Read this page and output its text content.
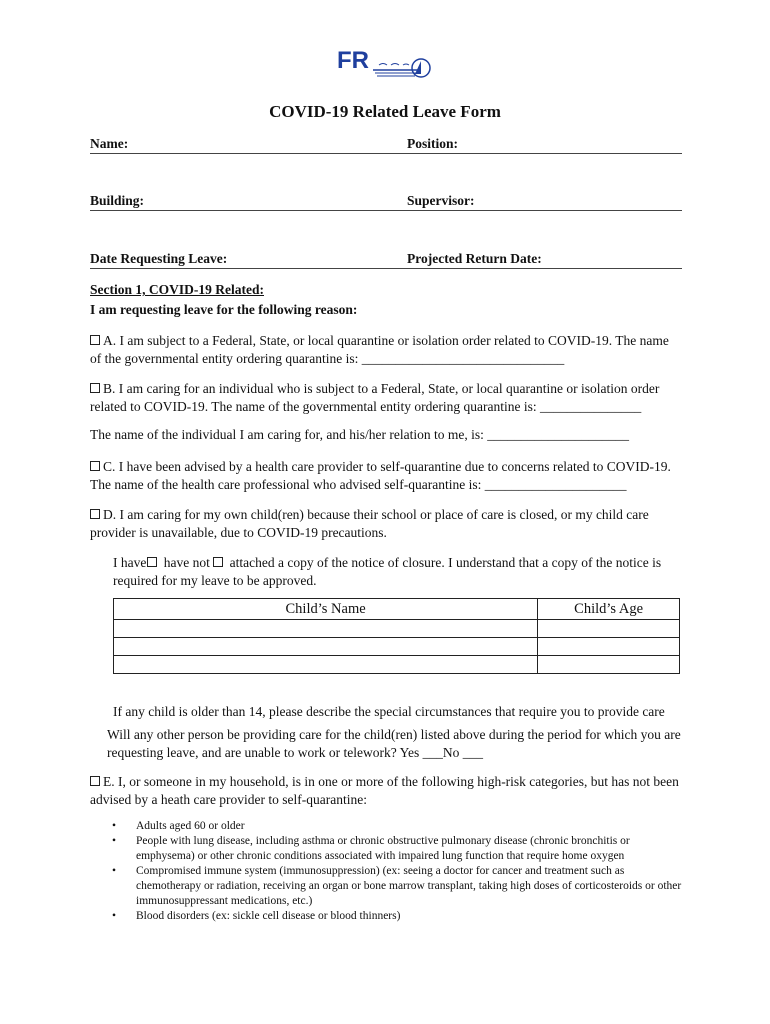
FR
COVID-19 Related Leave Form
Name:	Position:
Building:	Supervisor:
Date Requesting Leave:	Projected Return Date:

Section 1, COVID-19 Related:

I am requesting leave for the following reason:

A. I am subject to a Federal, State, or local quarantine or isolation order related to COVID-19. The name of the governmental entity ordering quarantine is: ______________________________

B. I am caring for an individual who is subject to a Federal, State, or local quarantine or isolation order related to COVID-19. The name of the governmental entity ordering quarantine is: _______________

The name of the individual I am caring for, and his/her relation to me, is: _____________________

C. I have been advised by a health care provider to self-quarantine due to concerns related to COVID-19. The name of the health care professional who advised self-quarantine is: _____________________

D. I am caring for my own child(ren) because their school or place of care is closed, or my child care provider is unavailable, due to COVID-19 precautions.

I have have not attached a copy of the notice of closure. I understand that a copy of the notice is required for my leave to be approved.

Child’s Name	Child’s Age

If any child is older than 14, please describe the special circumstances that require you to provide care

Will any other person be providing care for the child(ren) listed above during the period for which you are requesting leave, and are unable to work or telework? Yes ___No ___

E. I, or someone in my household, is in one or more of the following high-risk categories, but has not been advised by a heath care provider to self-quarantine:

• Adults aged 60 or older
• People with lung disease, including asthma or chronic obstructive pulmonary disease (chronic bronchitis or emphysema) or other chronic conditions associated with impaired lung function that require home oxygen
• Compromised immune system (immunosuppression) (ex: seeing a doctor for cancer and treatment such as chemotherapy or radiation, receiving an organ or bone marrow transplant, taking high doses of corticosteroids or other immunosuppressant medications, etc.)
• Blood disorders (ex: sickle cell disease or blood thinners)
